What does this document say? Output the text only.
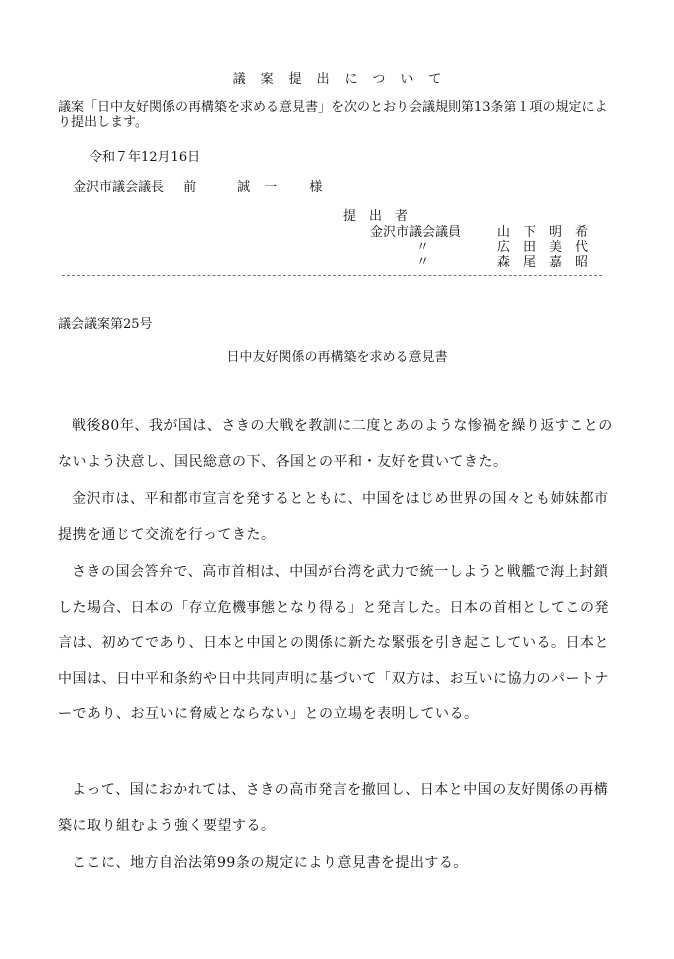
議案提出について
議案「日中友好関係の再構築を求める意見書」を次のとおり会議規則第13条第１項の規定により提出します。
令和７年12月16日
金沢市議会議長 前　誠一 様
提出者
金沢市議会議員	山下明希
〃	広田美代
〃	森尾嘉昭
議会議案第25号
日中友好関係の再構築を求める意見書

戦後80年、我が国は、さきの大戦を教訓に二度とあのような惨禍を繰り返すことのないよう決意し、国民総意の下、各国との平和・友好を貫いてきた。

金沢市は、平和都市宣言を発するとともに、中国をはじめ世界の国々とも姉妹都市提携を通じて交流を行ってきた。

さきの国会答弁で、高市首相は、中国が台湾を武力で統一しようと戦艦で海上封鎖した場合、日本の「存立危機事態となり得る」と発言した。日本の首相としてこの発言は、初めてであり、日本と中国との関係に新たな緊張を引き起こしている。日本と中国は、日中平和条約や日中共同声明に基づいて「双方は、お互いに協力のパートナーであり、お互いに脅威とならない」との立場を表明している。

よって、国におかれては、さきの高市発言を撤回し、日本と中国の友好関係の再構築に取り組むよう強く要望する。

ここに、地方自治法第99条の規定により意見書を提出する。
